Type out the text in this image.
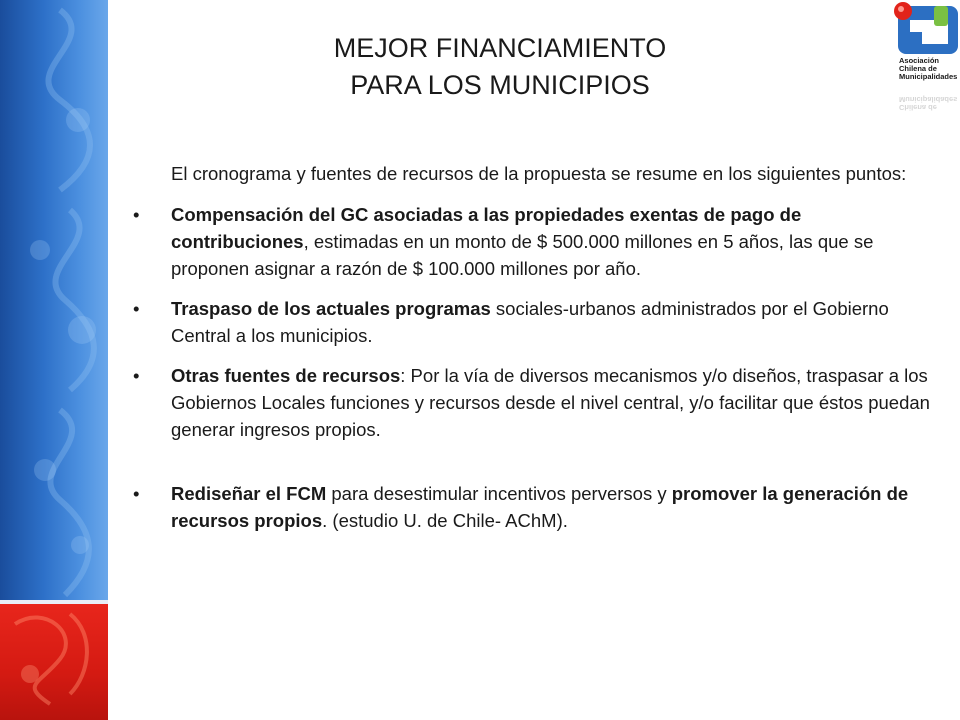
MEJOR FINANCIAMIENTO
PARA LOS MUNICIPIOS
Asociación
Chilena de
Municipalidades
Municipalidades
Chilena de

El cronograma y fuentes de recursos de la propuesta se resume en los siguientes puntos:

• Compensación del GC asociadas a las propiedades exentas de pago de contribuciones, estimadas en un monto de $ 500.000 millones en 5 años, las que se proponen asignar a razón de $ 100.000 millones por año.

• Traspaso de los actuales programas sociales-urbanos administrados por el Gobierno Central a los municipios.

• Otras fuentes de recursos: Por la vía de diversos mecanismos y/o diseños, traspasar a los Gobiernos Locales funciones y recursos desde el nivel central, y/o facilitar que éstos puedan generar ingresos propios.

• Rediseñar el FCM para desestimular incentivos perversos y promover la generación de recursos propios. (estudio U. de Chile- AChM).
